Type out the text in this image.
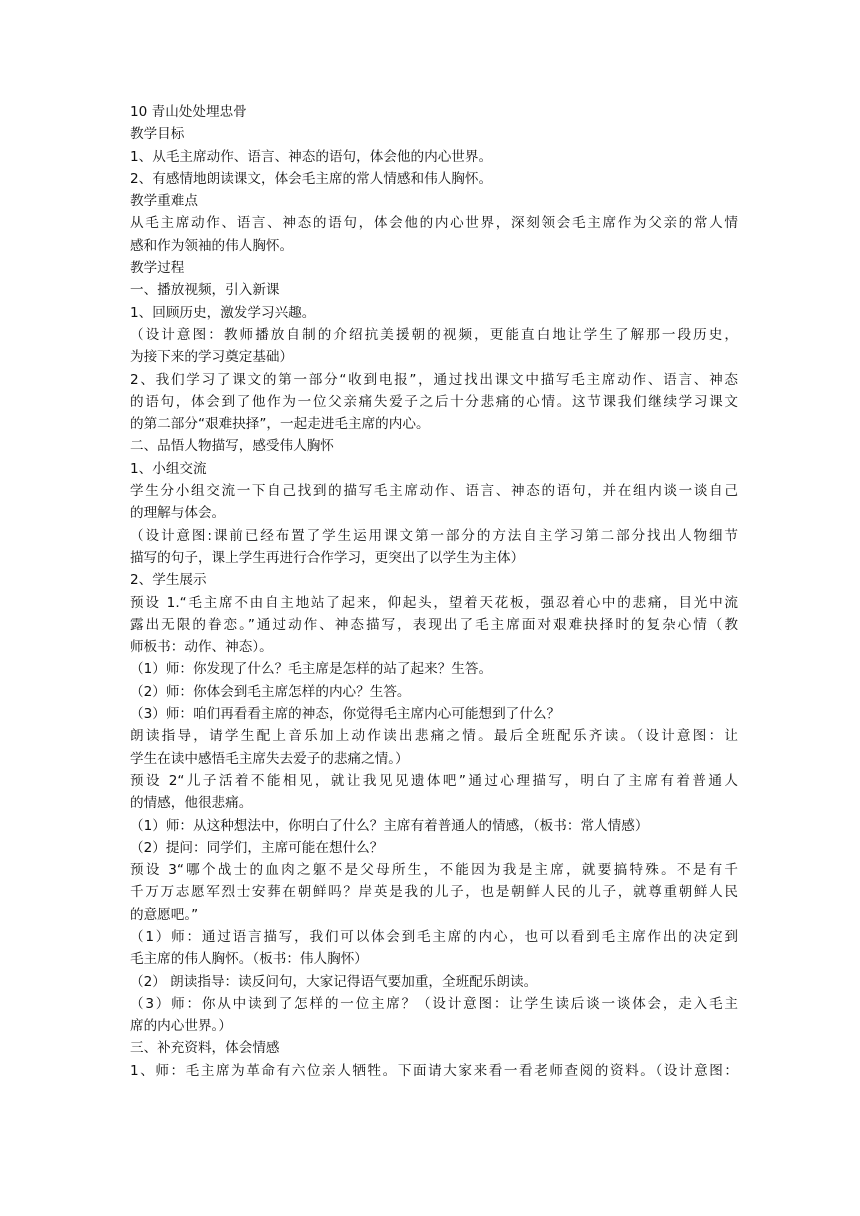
10 青山处处埋忠骨
教学目标
1、从毛主席动作、语言、神态的语句，体会他的内心世界。
2、有感情地朗读课文，体会毛主席的常人情感和伟人胸怀。
教学重难点
从毛主席动作、语言、神态的语句，体会他的内心世界，深刻领会毛主席作为父亲的常人情
感和作为领袖的伟人胸怀。
教学过程
一、播放视频，引入新课
1、回顾历史，激发学习兴趣。
（设计意图：教师播放自制的介绍抗美援朝的视频，更能直白地让学生了解那一段历史，
为接下来的学习奠定基础）
2、我们学习了课文的第一部分“收到电报”，通过找出课文中描写毛主席动作、语言、神态
的语句，体会到了他作为一位父亲痛失爱子之后十分悲痛的心情。这节课我们继续学习课文
的第二部分“艰难抉择”，一起走进毛主席的内心。
二、品悟人物描写，感受伟人胸怀
1、小组交流
学生分小组交流一下自己找到的描写毛主席动作、语言、神态的语句，并在组内谈一谈自己
的理解与体会。
（设计意图:课前已经布置了学生运用课文第一部分的方法自主学习第二部分找出人物细节
描写的句子，课上学生再进行合作学习，更突出了以学生为主体）
2、学生展示
预设 1.“毛主席不由自主地站了起来，仰起头，望着天花板，强忍着心中的悲痛，目光中流
露出无限的眷恋。”通过动作、神态描写，表现出了毛主席面对艰难抉择时的复杂心情（教
师板书：动作、神态）。
（1）师：你发现了什么？毛主席是怎样的站了起来？生答。
（2）师：你体会到毛主席怎样的内心？生答。
（3）师：咱们再看看主席的神态，你觉得毛主席内心可能想到了什么？
朗读指导，请学生配上音乐加上动作读出悲痛之情。最后全班配乐齐读。（设计意图：让
学生在读中感悟毛主席失去爱子的悲痛之情。）
预设 2“儿子活着不能相见，就让我见见遗体吧”通过心理描写，明白了主席有着普通人
的情感，他很悲痛。
（1）师：从这种想法中，你明白了什么？主席有着普通人的情感，（板书：常人情感）
（2）提问：同学们，主席可能在想什么？
预设 3“哪个战士的血肉之躯不是父母所生，不能因为我是主席，就要搞特殊。不是有千
千万万志愿军烈士安葬在朝鲜吗？岸英是我的儿子，也是朝鲜人民的儿子，就尊重朝鲜人民
的意愿吧。”
（1）师：通过语言描写，我们可以体会到毛主席的内心，也可以看到毛主席作出的决定到
毛主席的伟人胸怀。（板书：伟人胸怀）
（2） 朗读指导：读反问句，大家记得语气要加重，全班配乐朗读。
（3）师：你从中读到了怎样的一位主席？（设计意图：让学生读后谈一谈体会，走入毛主
席的内心世界。）
三、补充资料，体会情感
1、师：毛主席为革命有六位亲人牺牲。下面请大家来看一看老师查阅的资料。（设计意图：
